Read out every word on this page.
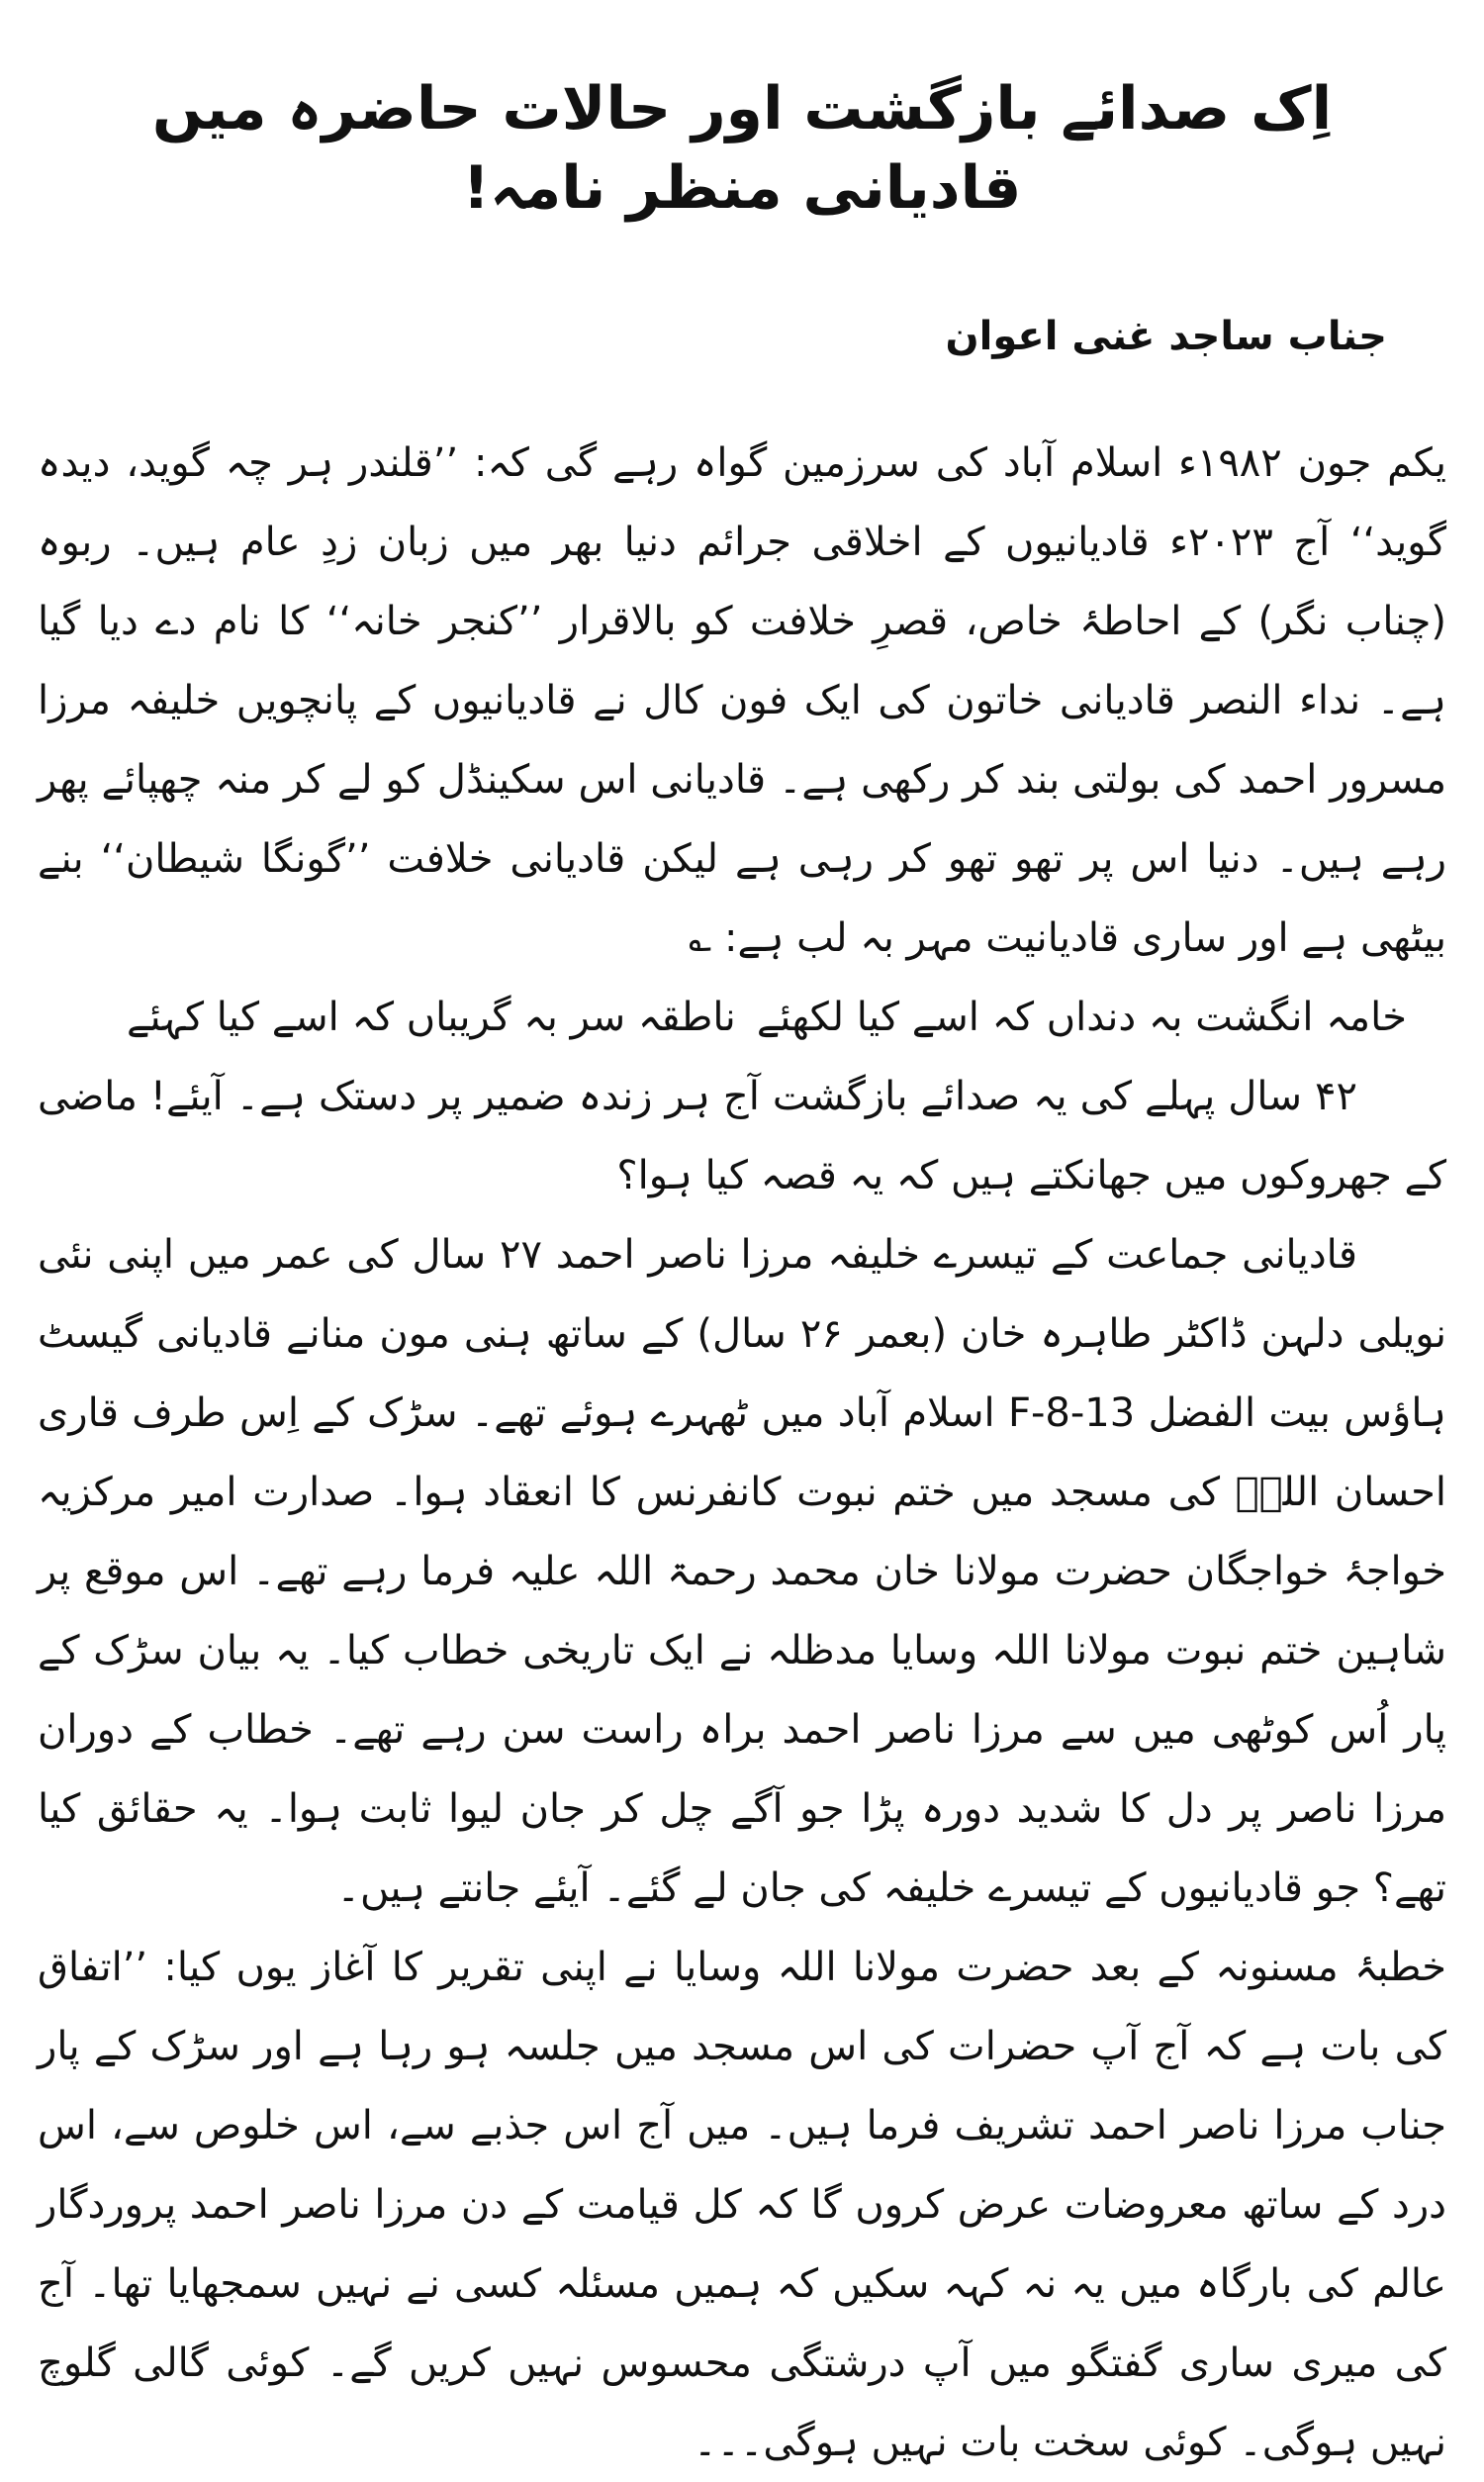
اِک صدائے بازگشت اور حالات حاضرہ میں قادیانی منظر نامہ!
جناب ساجد غنی اعوان

یکم جون ۱۹۸۲ء اسلام آباد کی سرزمین گواہ رہے گی کہ: ’’قلندر ہر چہ گوید، دیدہ گوید‘‘ آج ۲۰۲۳ء قادیانیوں کے اخلاقی جرائم دنیا بھر میں زبان زدِ عام ہیں۔ ربوہ (چناب نگر) کے احاطۂ خاص، قصرِ خلافت کو بالاقرار ’’کنجر خانہ‘‘ کا نام دے دیا گیا ہے۔ نداء النصر قادیانی خاتون کی ایک فون کال نے قادیانیوں کے پانچویں خلیفہ مرزا مسرور احمد کی بولتی بند کر رکھی ہے۔ قادیانی اس سکینڈل کو لے کر منہ چھپائے پھر رہے ہیں۔ دنیا اس پر تھو تھو کر رہی ہے لیکن قادیانی خلافت ’’گونگا شیطان‘‘ بنے بیٹھی ہے اور ساری قادیانیت مہر بہ لب ہے: ؎

خامہ انگشت بہ دنداں کہ اسے کیا لکھئے
ناطقہ سر بہ گریباں کہ اسے کیا کہئے

۴۲ سال پہلے کی یہ صدائے بازگشت آج ہر زندہ ضمیر پر دستک ہے۔ آیئے! ماضی کے جھروکوں میں جھانکتے ہیں کہ یہ قصہ کیا ہوا؟

قادیانی جماعت کے تیسرے خلیفہ مرزا ناصر احمد ۲۷ سال کی عمر میں اپنی نئی نویلی دلہن ڈاکٹر طاہرہ خان (بعمر ۲۶ سال) کے ساتھ ہنی مون منانے قادیانی گیسٹ ہاؤس بیت الفضل F-8-13 اسلام آباد میں ٹھہرے ہوئے تھے۔ سڑک کے اِس طرف قاری احسان اللہؒ کی مسجد میں ختم نبوت کانفرنس کا انعقاد ہوا۔ صدارت امیر مرکزیہ خواجۂ خواجگان حضرت مولانا خان محمد رحمۃ اللہ علیہ فرما رہے تھے۔ اس موقع پر شاہین ختم نبوت مولانا اللہ وسایا مدظلہ نے ایک تاریخی خطاب کیا۔ یہ بیان سڑک کے پار اُس کوٹھی میں سے مرزا ناصر احمد براہ راست سن رہے تھے۔ خطاب کے دوران مرزا ناصر پر دل کا شدید دورہ پڑا جو آگے چل کر جان لیوا ثابت ہوا۔ یہ حقائق کیا تھے؟ جو قادیانیوں کے تیسرے خلیفہ کی جان لے گئے۔ آیئے جانتے ہیں۔

خطبۂ مسنونہ کے بعد حضرت مولانا اللہ وسایا نے اپنی تقریر کا آغاز یوں کیا: ’’اتفاق کی بات ہے کہ آج آپ حضرات کی اس مسجد میں جلسہ ہو رہا ہے اور سڑک کے پار جناب مرزا ناصر احمد تشریف فرما ہیں۔ میں آج اس جذبے سے، اس خلوص سے، اس درد کے ساتھ معروضات عرض کروں گا کہ کل قیامت کے دن مرزا ناصر احمد پروردگار عالم کی بارگاہ میں یہ نہ کہہ سکیں کہ ہمیں مسئلہ کسی نے نہیں سمجھایا تھا۔ آج کی میری ساری گفتگو میں آپ درشتگی محسوس نہیں کریں گے۔ کوئی گالی گلوچ نہیں ہوگی۔ کوئی سخت بات نہیں ہوگی۔۔۔
